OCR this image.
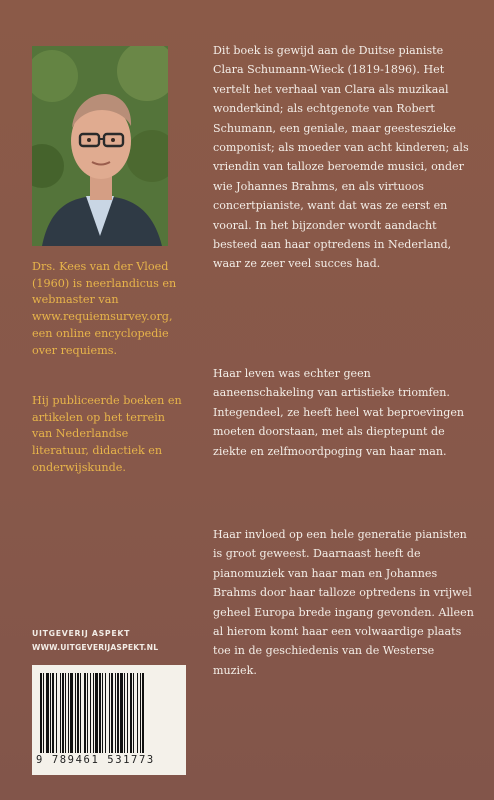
Drs. Kees van der Vloed (1960) is neerlandicus en webmaster van www.requiemsurvey.org, een online encyclopedie over requiems.

Hij publiceerde boeken en artikelen op het terrein van Nederlandse literatuur, didactiek en onderwijskunde.

UITGEVERIJ ASPEKT

WWW.UITGEVERIJASPEKT.NL

9 789461 531773

Dit boek is gewijd aan de Duitse pianiste Clara Schumann-Wieck (1819-1896). Het vertelt het verhaal van Clara als muzikaal wonderkind; als echtgenote van Robert Schumann, een geniale, maar geesteszieke componist; als moeder van acht kinderen; als vriendin van talloze beroemde musici, onder wie Johannes Brahms, en als virtuoos concertpianiste, want dat was ze eerst en vooral. In het bijzonder wordt aandacht besteed aan haar optredens in Nederland, waar ze zeer veel succes had.

Haar leven was echter geen aaneenschakeling van artistieke triomfen. Integendeel, ze heeft heel wat beproevingen moeten doorstaan, met als dieptepunt de ziekte en zelfmoordpoging van haar man.

Haar invloed op een hele generatie pianisten is groot geweest. Daarnaast heeft de pianomuziek van haar man en Johannes Brahms door haar talloze optredens in vrijwel geheel Europa brede ingang gevonden. Alleen al hierom komt haar een volwaardige plaats toe in de geschiedenis van de Westerse muziek.
